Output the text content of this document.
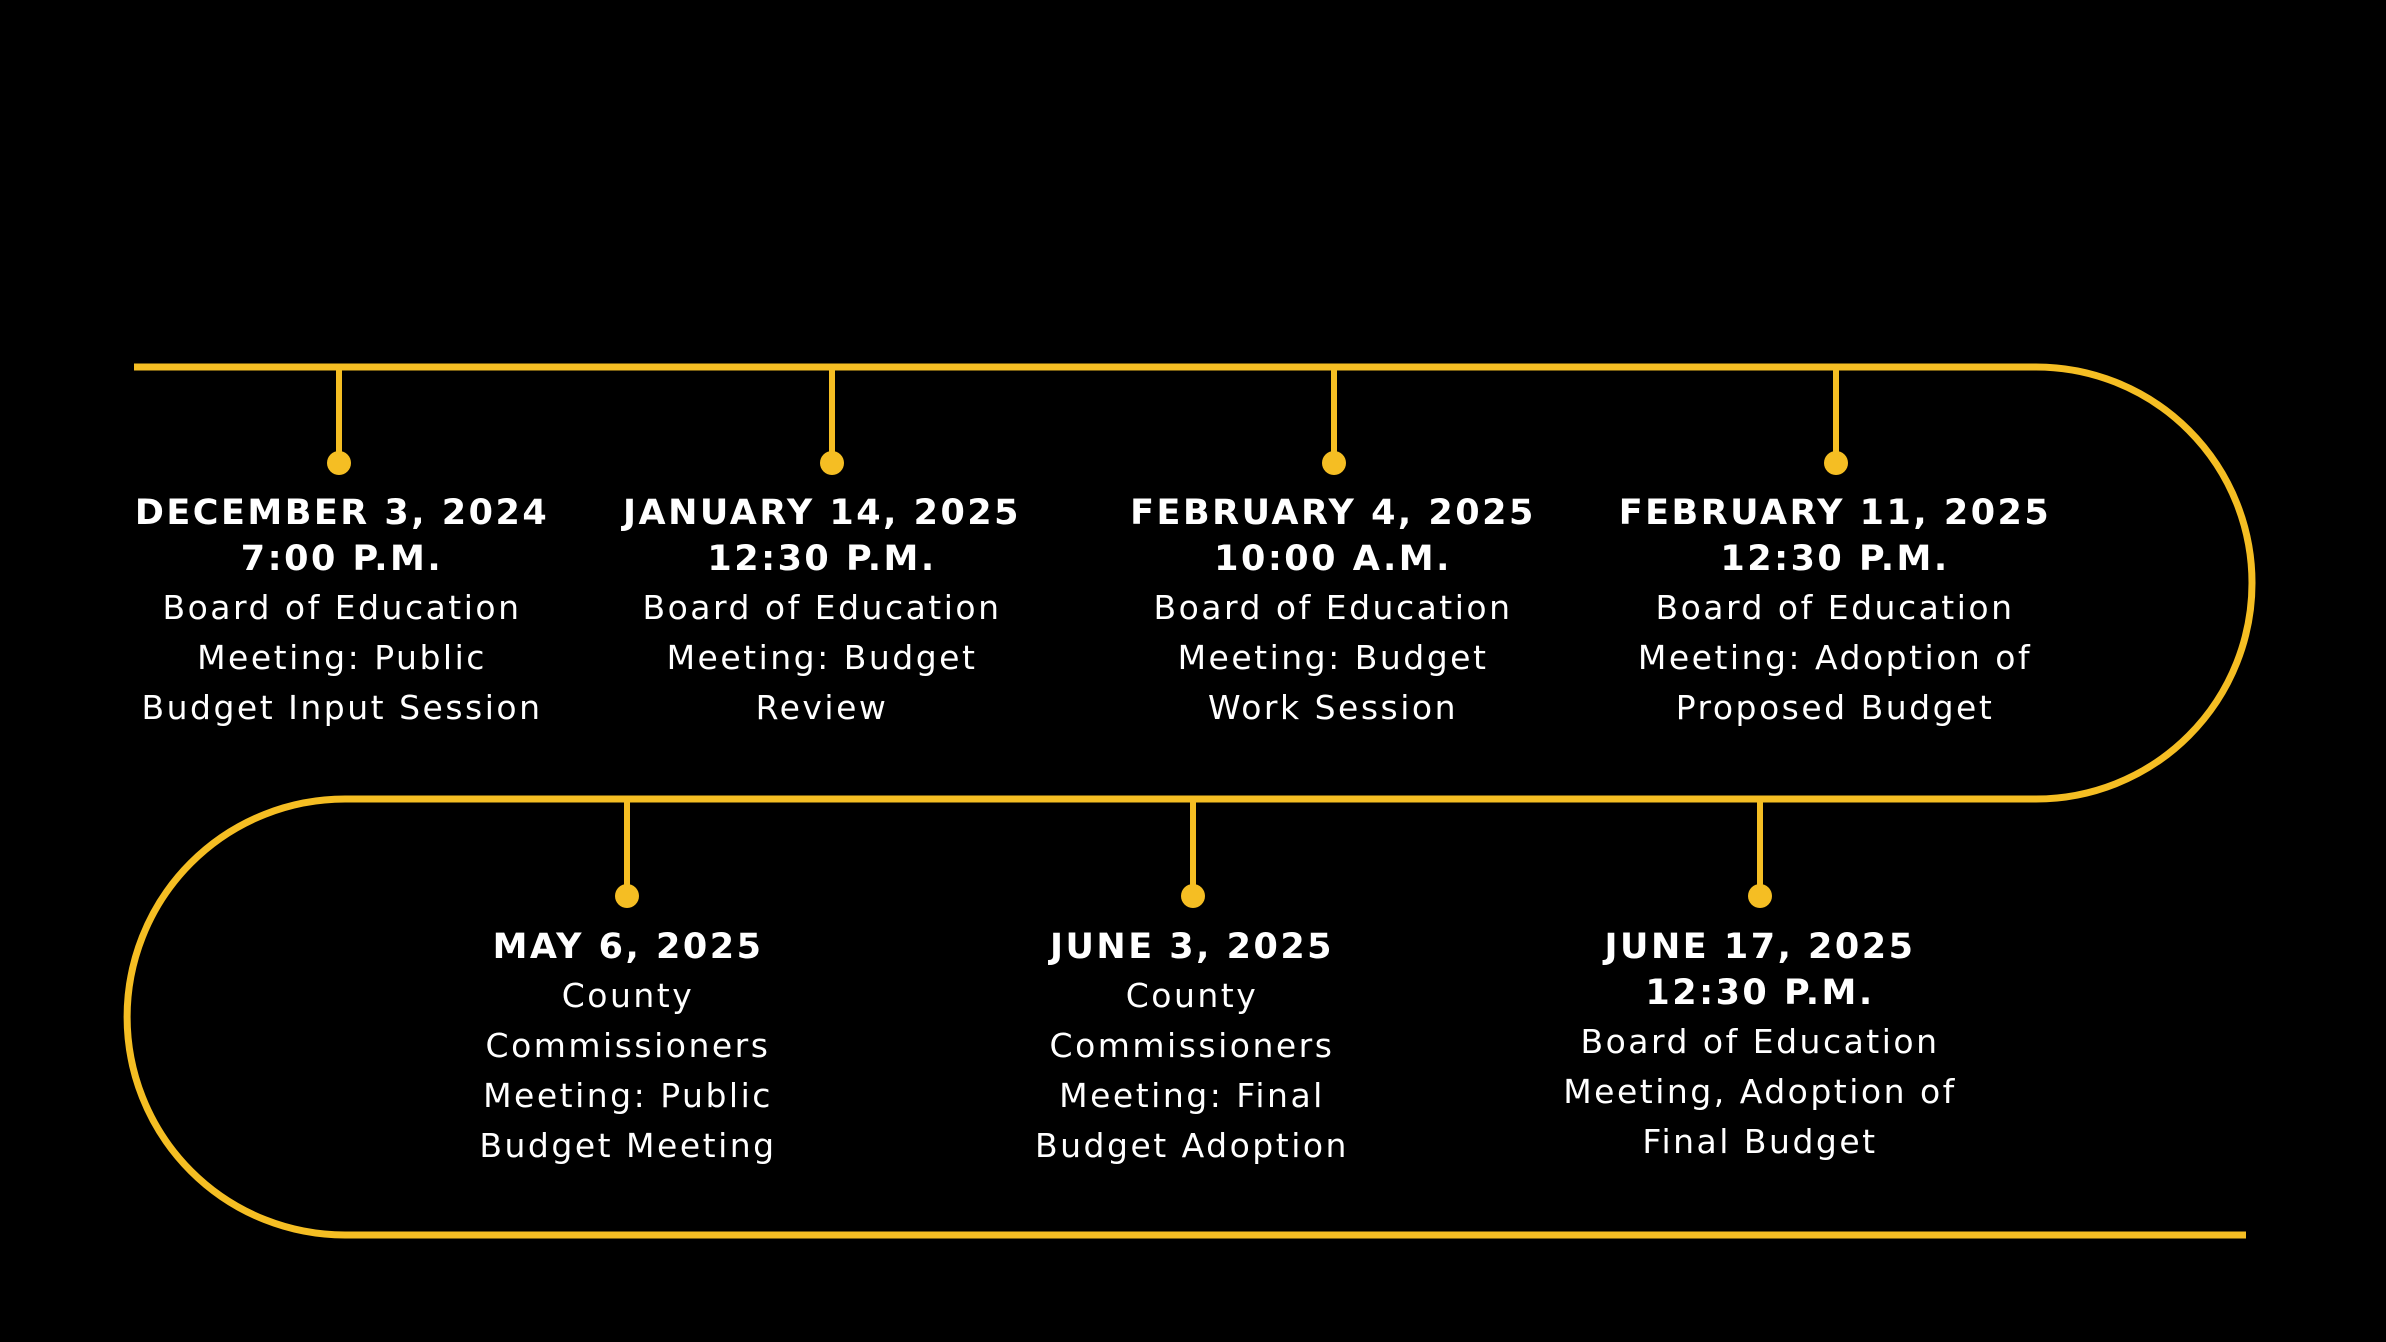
DECEMBER 3, 2024
7:00 P.M.
Board of Education
Meeting: Public
Budget Input Session
JANUARY 14, 2025
12:30 P.M.
Board of Education
Meeting: Budget
Review
FEBRUARY 4, 2025
10:00 A.M.
Board of Education
Meeting: Budget
Work Session
FEBRUARY 11, 2025
12:30 P.M.
Board of Education
Meeting: Adoption of
Proposed Budget
MAY 6, 2025
County
Commissioners
Meeting: Public
Budget Meeting
JUNE 3, 2025
County
Commissioners
Meeting: Final
Budget Adoption
JUNE 17, 2025
12:30 P.M.
Board of Education
Meeting, Adoption of
Final Budget
